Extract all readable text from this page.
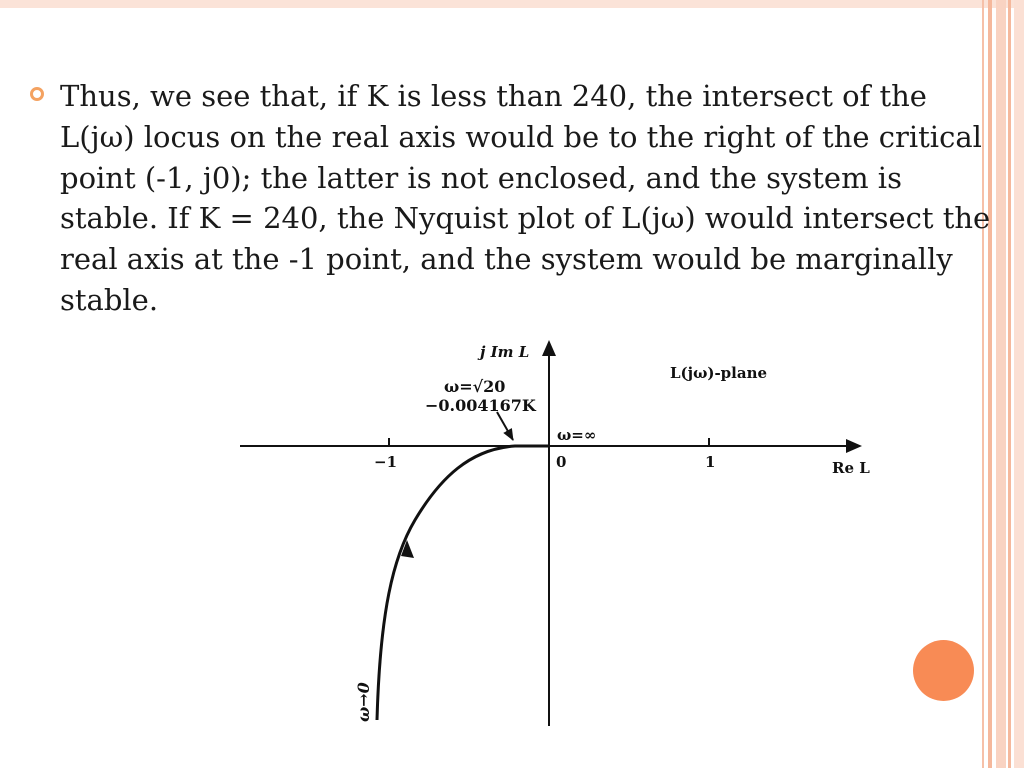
Thus, we see that, if K is less than 240, the intersect of the L(jω) locus on the real axis would be to the right of the critical point (-1, j0); the latter is not enclosed, and the system is stable. If K = 240, the Nyquist plot of L(jω) would intersect the real axis at the -1 point, and the system would be marginally stable.

j Im L
L(jω)-plane
ω=√20
−0.004167K
ω=∞
−1	0	1	Re L
ω→0
